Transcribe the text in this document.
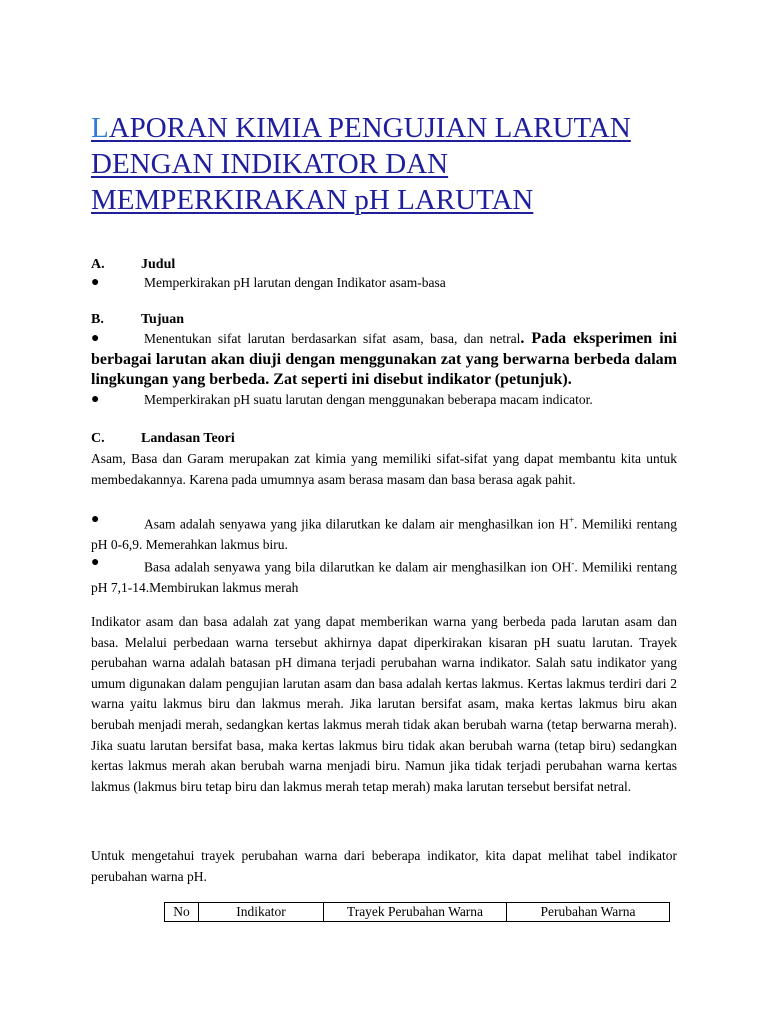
LAPORAN KIMIA PENGUJIAN LARUTAN DENGAN INDIKATOR DAN MEMPERKIRAKAN pH LARUTAN
A.	Judul
●	Memperkirakan pH larutan dengan Indikator asam-basa
B.	Tujuan
●	Menentukan sifat larutan berdasarkan sifat asam, basa, dan netral. Pada eksperimen ini berbagai larutan akan diuji dengan menggunakan zat yang berwarna berbeda dalam lingkungan yang berbeda. Zat seperti ini disebut indikator (petunjuk).
●	Memperkirakan pH suatu larutan dengan menggunakan beberapa macam indicator.
C.	Landasan Teori

Asam, Basa dan Garam merupakan zat kimia yang memiliki sifat-sifat yang dapat membantu kita untuk membedakannya. Karena pada umumnya asam berasa masam dan basa berasa agak pahit.

●	Asam adalah senyawa yang jika dilarutkan ke dalam air menghasilkan ion H+. Memiliki rentang pH 0-6,9. Memerahkan lakmus biru.
●	Basa adalah senyawa yang bila dilarutkan ke dalam air menghasilkan ion OH-. Memiliki rentang pH 7,1-14.Membirukan lakmus merah

Indikator asam dan basa adalah zat yang dapat memberikan warna yang berbeda pada larutan asam dan basa. Melalui perbedaan warna tersebut akhirnya dapat diperkirakan kisaran pH suatu larutan. Trayek perubahan warna adalah batasan pH dimana terjadi perubahan warna indikator. Salah satu indikator yang umum digunakan dalam pengujian larutan asam dan basa adalah kertas lakmus. Kertas lakmus terdiri dari 2 warna yaitu lakmus biru dan lakmus merah. Jika larutan bersifat asam, maka kertas lakmus biru akan berubah menjadi merah, sedangkan kertas lakmus merah tidak akan berubah warna (tetap berwarna merah). Jika suatu larutan bersifat basa, maka kertas lakmus biru tidak akan berubah warna (tetap biru) sedangkan kertas lakmus merah akan berubah warna menjadi biru. Namun jika tidak terjadi perubahan warna kertas lakmus (lakmus biru tetap biru dan lakmus merah tetap merah) maka larutan tersebut bersifat netral.

Untuk mengetahui trayek perubahan warna dari beberapa indikator, kita dapat melihat tabel indikator perubahan warna pH.

No	Indikator	Trayek Perubahan Warna	Perubahan Warna
